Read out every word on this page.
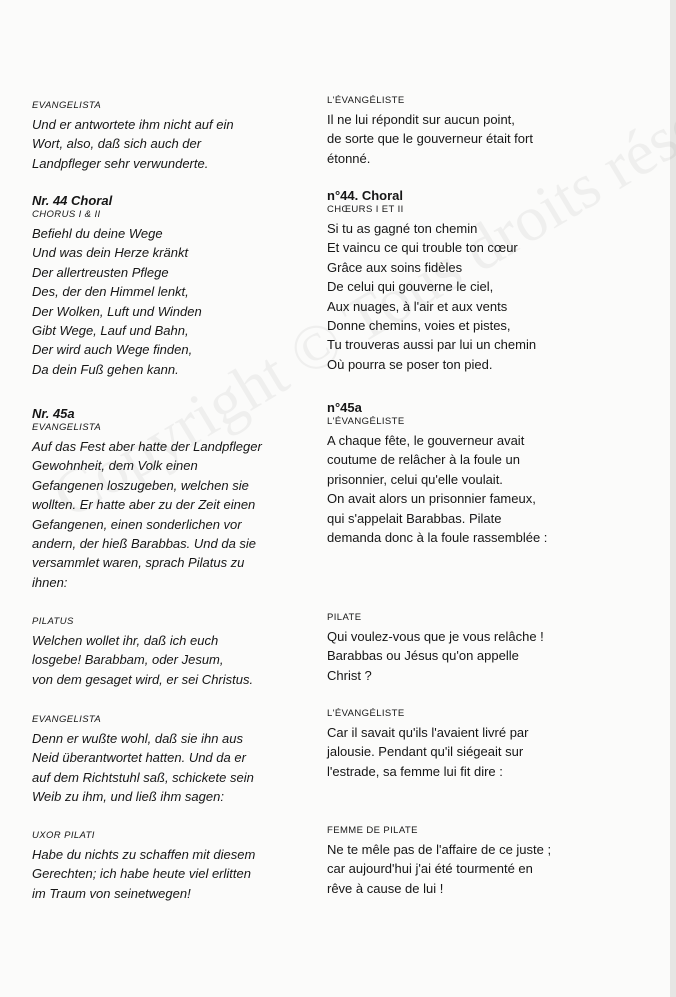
EVANGELISTA
Und er antwortete ihm nicht auf ein
Wort, also, daß sich auch der
Landpfleger sehr verwunderte.
Nr. 44 Choral
CHORUS I & II
Befiehl du deine Wege
Und was dein Herze kränkt
Der allertreusten Pflege
Des, der den Himmel lenkt,
Der Wolken, Luft und Winden
Gibt Wege, Lauf und Bahn,
Der wird auch Wege finden,
Da dein Fuß gehen kann.
Nr. 45a
EVANGELISTA
Auf das Fest aber hatte der Landpfleger
Gewohnheit, dem Volk einen
Gefangenen loszugeben, welchen sie
wollten. Er hatte aber zu der Zeit einen
Gefangenen, einen sonderlichen vor
andern, der hieß Barabbas. Und da sie
versammlet waren, sprach Pilatus zu
ihnen:
PILATUS
Welchen wollet ihr, daß ich euch
losgebe! Barabbam, oder Jesum,
von dem gesaget wird, er sei Christus.
EVANGELISTA
Denn er wußte wohl, daß sie ihn aus
Neid überantwortet hatten. Und da er
auf dem Richtstuhl saß, schickete sein
Weib zu ihm, und ließ ihm sagen:
UXOR PILATI
Habe du nichts zu schaffen mit diesem
Gerechten; ich habe heute viel erlitten
im Traum von seinetwegen!
L'ÉVANGÉLISTE
Il ne lui répondit sur aucun point,
de sorte que le gouverneur était fort
étonné.
n°44. Choral
CHŒURS I ET II
Si tu as gagné ton chemin
Et vaincu ce qui trouble ton cœur
Grâce aux soins fidèles
De celui qui gouverne le ciel,
Aux nuages, à l'air et aux vents
Donne chemins, voies et pistes,
Tu trouveras aussi par lui un chemin
Où pourra se poser ton pied.
n°45a
L'ÉVANGÉLISTE
A chaque fête, le gouverneur avait
coutume de relâcher à la foule un
prisonnier, celui qu'elle voulait.
On avait alors un prisonnier fameux,
qui s'appelait Barabbas. Pilate
demanda donc à la foule rassemblée :
PILATE
Qui voulez-vous que je vous relâche !
Barabbas ou Jésus qu'on appelle
Christ ?
L'ÉVANGÉLISTE
Car il savait qu'ils l'avaient livré par
jalousie. Pendant qu'il siégeait sur
l'estrade, sa femme lui fit dire :
FEMME DE PILATE
Ne te mêle pas de l'affaire de ce juste ;
car aujourd'hui j'ai été tourmenté en
rêve à cause de lui !
